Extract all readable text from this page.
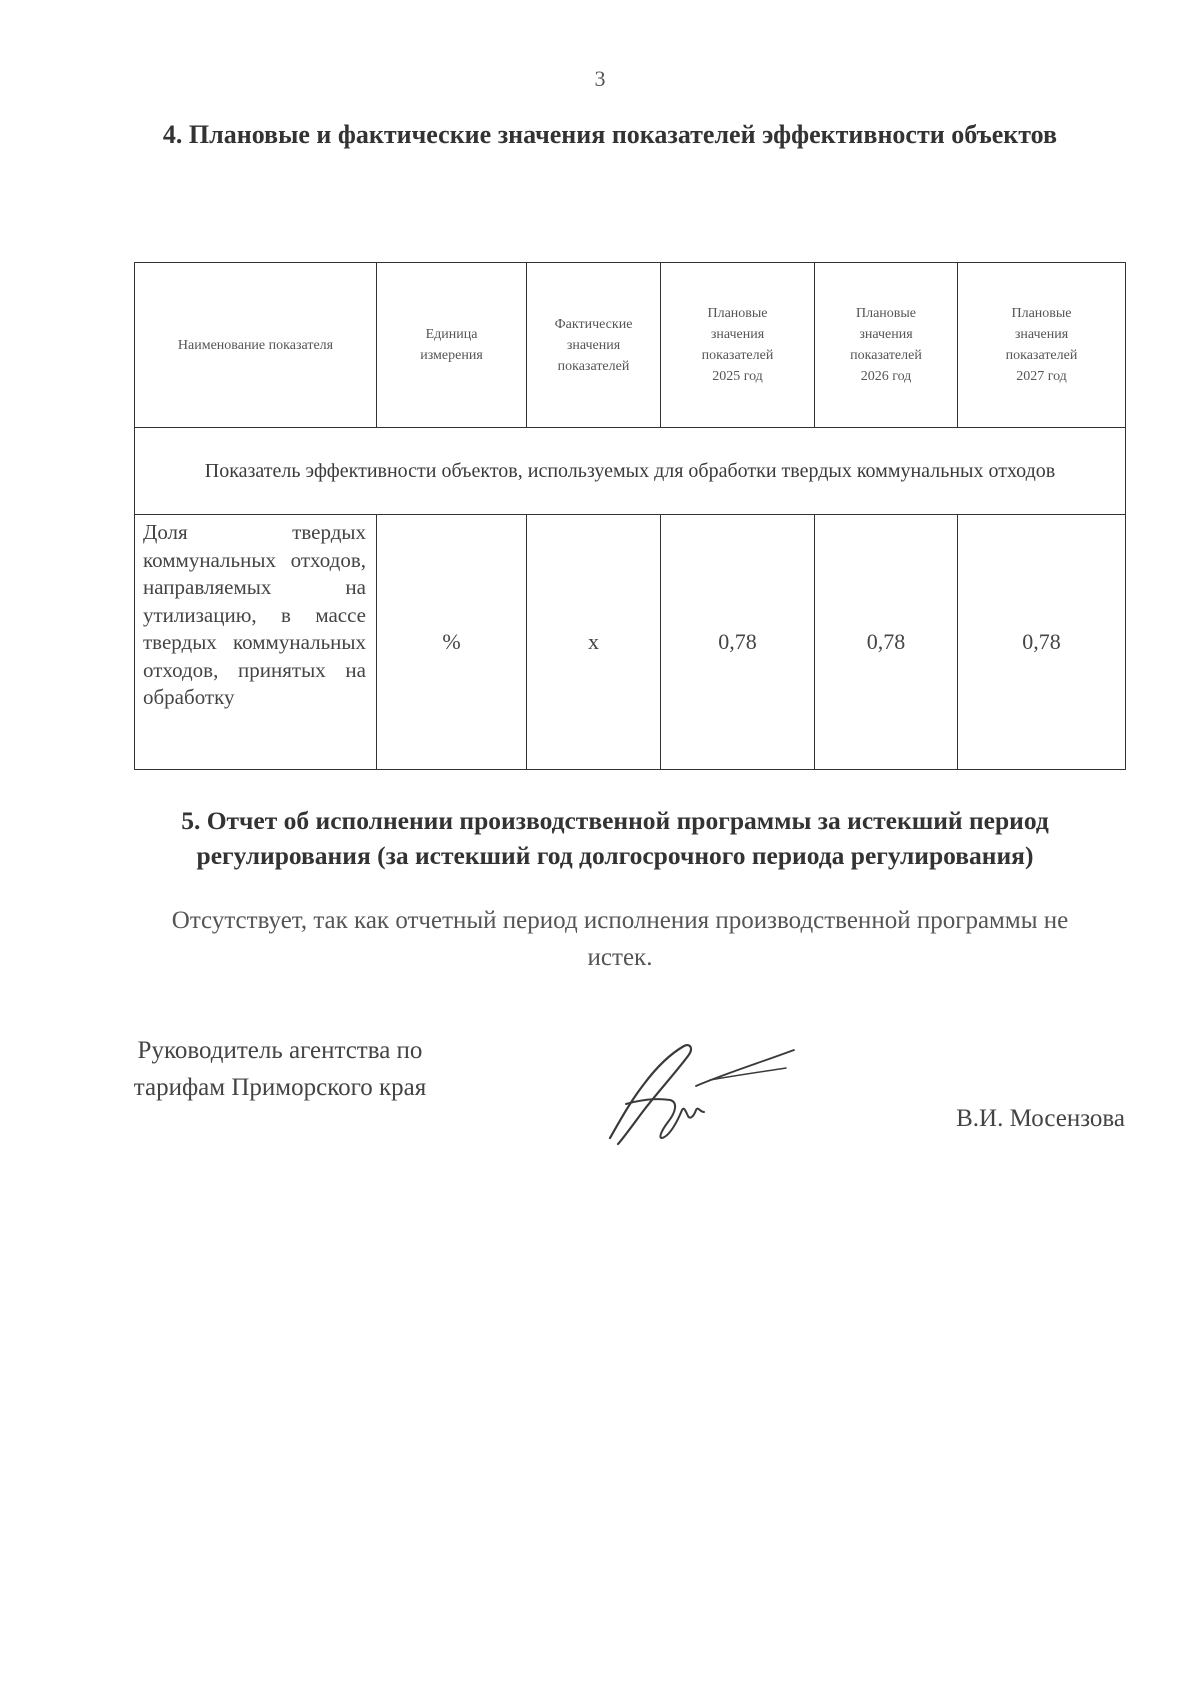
3
4. Плановые и фактические значения показателей эффективности объектов
Наименование показателя	Единица измерения	Фактические значения показателей	Плановые значения показателей 2025 год	Плановые значения показателей 2026 год	Плановые значения показателей 2027 год

Показатель эффективности объектов, используемых для обработки твердых коммунальных отходов					
Доля твердых коммунальных отходов, направляемых на утилизацию, в массе твердых коммунальных отходов, принятых на обработку	%	х	0,78	0,78	0,78
5. Отчет об исполнении производственной программы за истекший период регулирования (за истекший год долгосрочного периода регулирования)
Отсутствует, так как отчетный период исполнения производственной программы не истек.
Руководитель агентства по тарифам Приморского края
В.И. Мосензова
